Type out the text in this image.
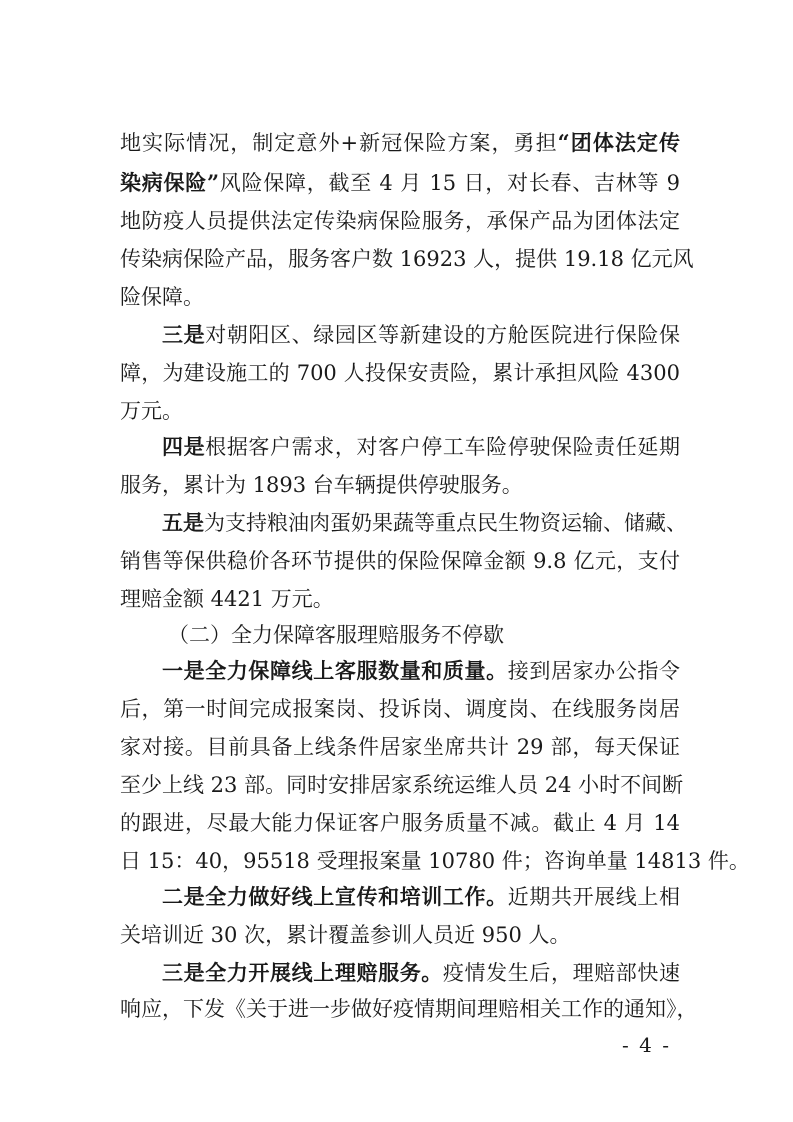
地实际情况，制定意外+新冠保险方案，勇担“团体法定传
染病保险”风险保障，截至 4 月 15 日，对长春、吉林等 9
地防疫人员提供法定传染病保险服务，承保产品为团体法定
传染病保险产品，服务客户数 16923 人，提供 19.18 亿元风
险保障。
三是对朝阳区、绿园区等新建设的方舱医院进行保险保
障，为建设施工的 700 人投保安责险，累计承担风险 4300
万元。
四是根据客户需求，对客户停工车险停驶保险责任延期
服务，累计为 1893 台车辆提供停驶服务。
五是为支持粮油肉蛋奶果蔬等重点民生物资运输、储藏、
销售等保供稳价各环节提供的保险保障金额 9.8 亿元，支付
理赔金额 4421 万元。
（二）全力保障客服理赔服务不停歇
一是全力保障线上客服数量和质量。接到居家办公指令
后，第一时间完成报案岗、投诉岗、调度岗、在线服务岗居
家对接。目前具备上线条件居家坐席共计 29 部，每天保证
至少上线 23 部。同时安排居家系统运维人员 24 小时不间断
的跟进，尽最大能力保证客户服务质量不减。截止 4 月 14
日 15：40，95518 受理报案量 10780 件；咨询单量 14813 件。
二是全力做好线上宣传和培训工作。近期共开展线上相
关培训近 30 次，累计覆盖参训人员近 950 人。
三是全力开展线上理赔服务。疫情发生后，理赔部快速
响应，下发《关于进一步做好疫情期间理赔相关工作的通知》，
- 4 -
